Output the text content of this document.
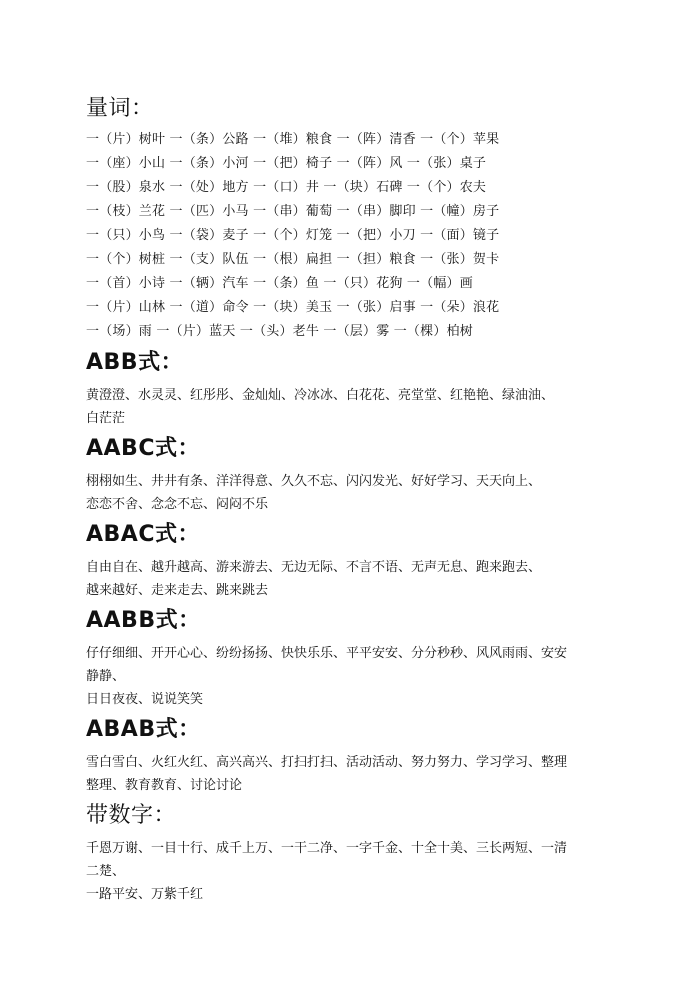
量词：
一（片）树叶 一（条）公路 一（堆）粮食 一（阵）清香 一（个）苹果
一（座）小山 一（条）小河 一（把）椅子 一（阵）风 一（张）桌子
一（股）泉水 一（处）地方 一（口）井 一（块）石碑 一（个）农夫
一（枝）兰花 一（匹）小马 一（串）葡萄 一（串）脚印 一（幢）房子
一（只）小鸟 一（袋）麦子 一（个）灯笼 一（把）小刀 一（面）镜子
一（个）树桩 一（支）队伍 一（根）扁担 一（担）粮食 一（张）贺卡
一（首）小诗 一（辆）汽车 一（条）鱼 一（只）花狗 一（幅）画
一（片）山林 一（道）命令 一（块）美玉 一（张）启事 一（朵）浪花
一（场）雨 一（片）蓝天 一（头）老牛 一（层）雾 一（棵）柏树
ABB式：
黄澄澄、水灵灵、红彤彤、金灿灿、冷冰冰、白花花、亮堂堂、红艳艳、绿油油、
白茫茫
AABC式：
栩栩如生、井井有条、洋洋得意、久久不忘、闪闪发光、好好学习、天天向上、
恋恋不舍、念念不忘、闷闷不乐
ABAC式：
自由自在、越升越高、游来游去、无边无际、不言不语、无声无息、跑来跑去、
越来越好、走来走去、跳来跳去
AABB式：
仔仔细细、开开心心、纷纷扬扬、快快乐乐、平平安安、分分秒秒、风风雨雨、安安
静静、
日日夜夜、说说笑笑
ABAB式：
雪白雪白、火红火红、高兴高兴、打扫打扫、活动活动、努力努力、学习学习、整理
整理、教育教育、讨论讨论
带数字：
千恩万谢、一目十行、成千上万、一干二净、一字千金、十全十美、三长两短、一清
二楚、
一路平安、万紫千红
